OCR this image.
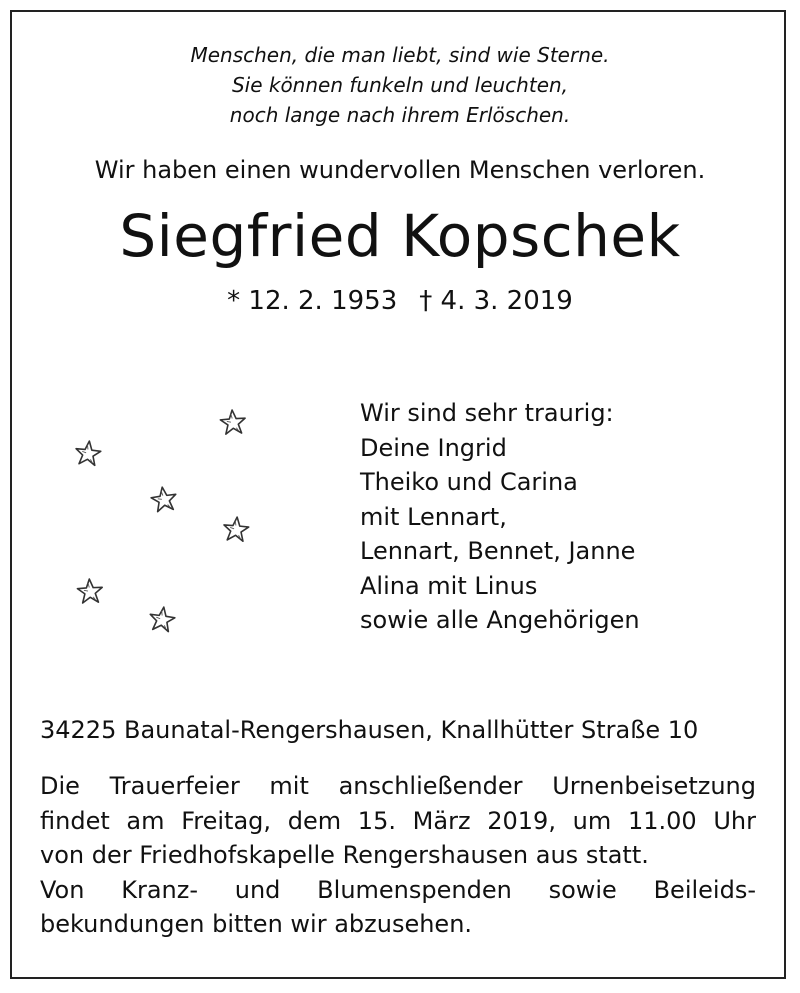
Menschen, die man liebt, sind wie Sterne.
Sie können funkeln und leuchten,
noch lange nach ihrem Erlöschen.
Wir haben einen wundervollen Menschen verloren.
Siegfried Kopschek
* 12. 2. 1953 † 4. 3. 2019
Wir sind sehr traurig:
Deine Ingrid
Theiko und Carina
mit Lennart,
Lennart, Bennet, Janne
Alina mit Linus
sowie alle Angehörigen
34225 Baunatal-Rengershausen, Knallhütter Straße 10
Die Trauerfeier mit anschließender Urnenbeisetzung
findet am Freitag, dem 15. März 2019, um 11.00 Uhr
von der Friedhofskapelle Rengershausen aus statt.
Von Kranz- und Blumenspenden sowie Beileids-
bekundungen bitten wir abzusehen.
